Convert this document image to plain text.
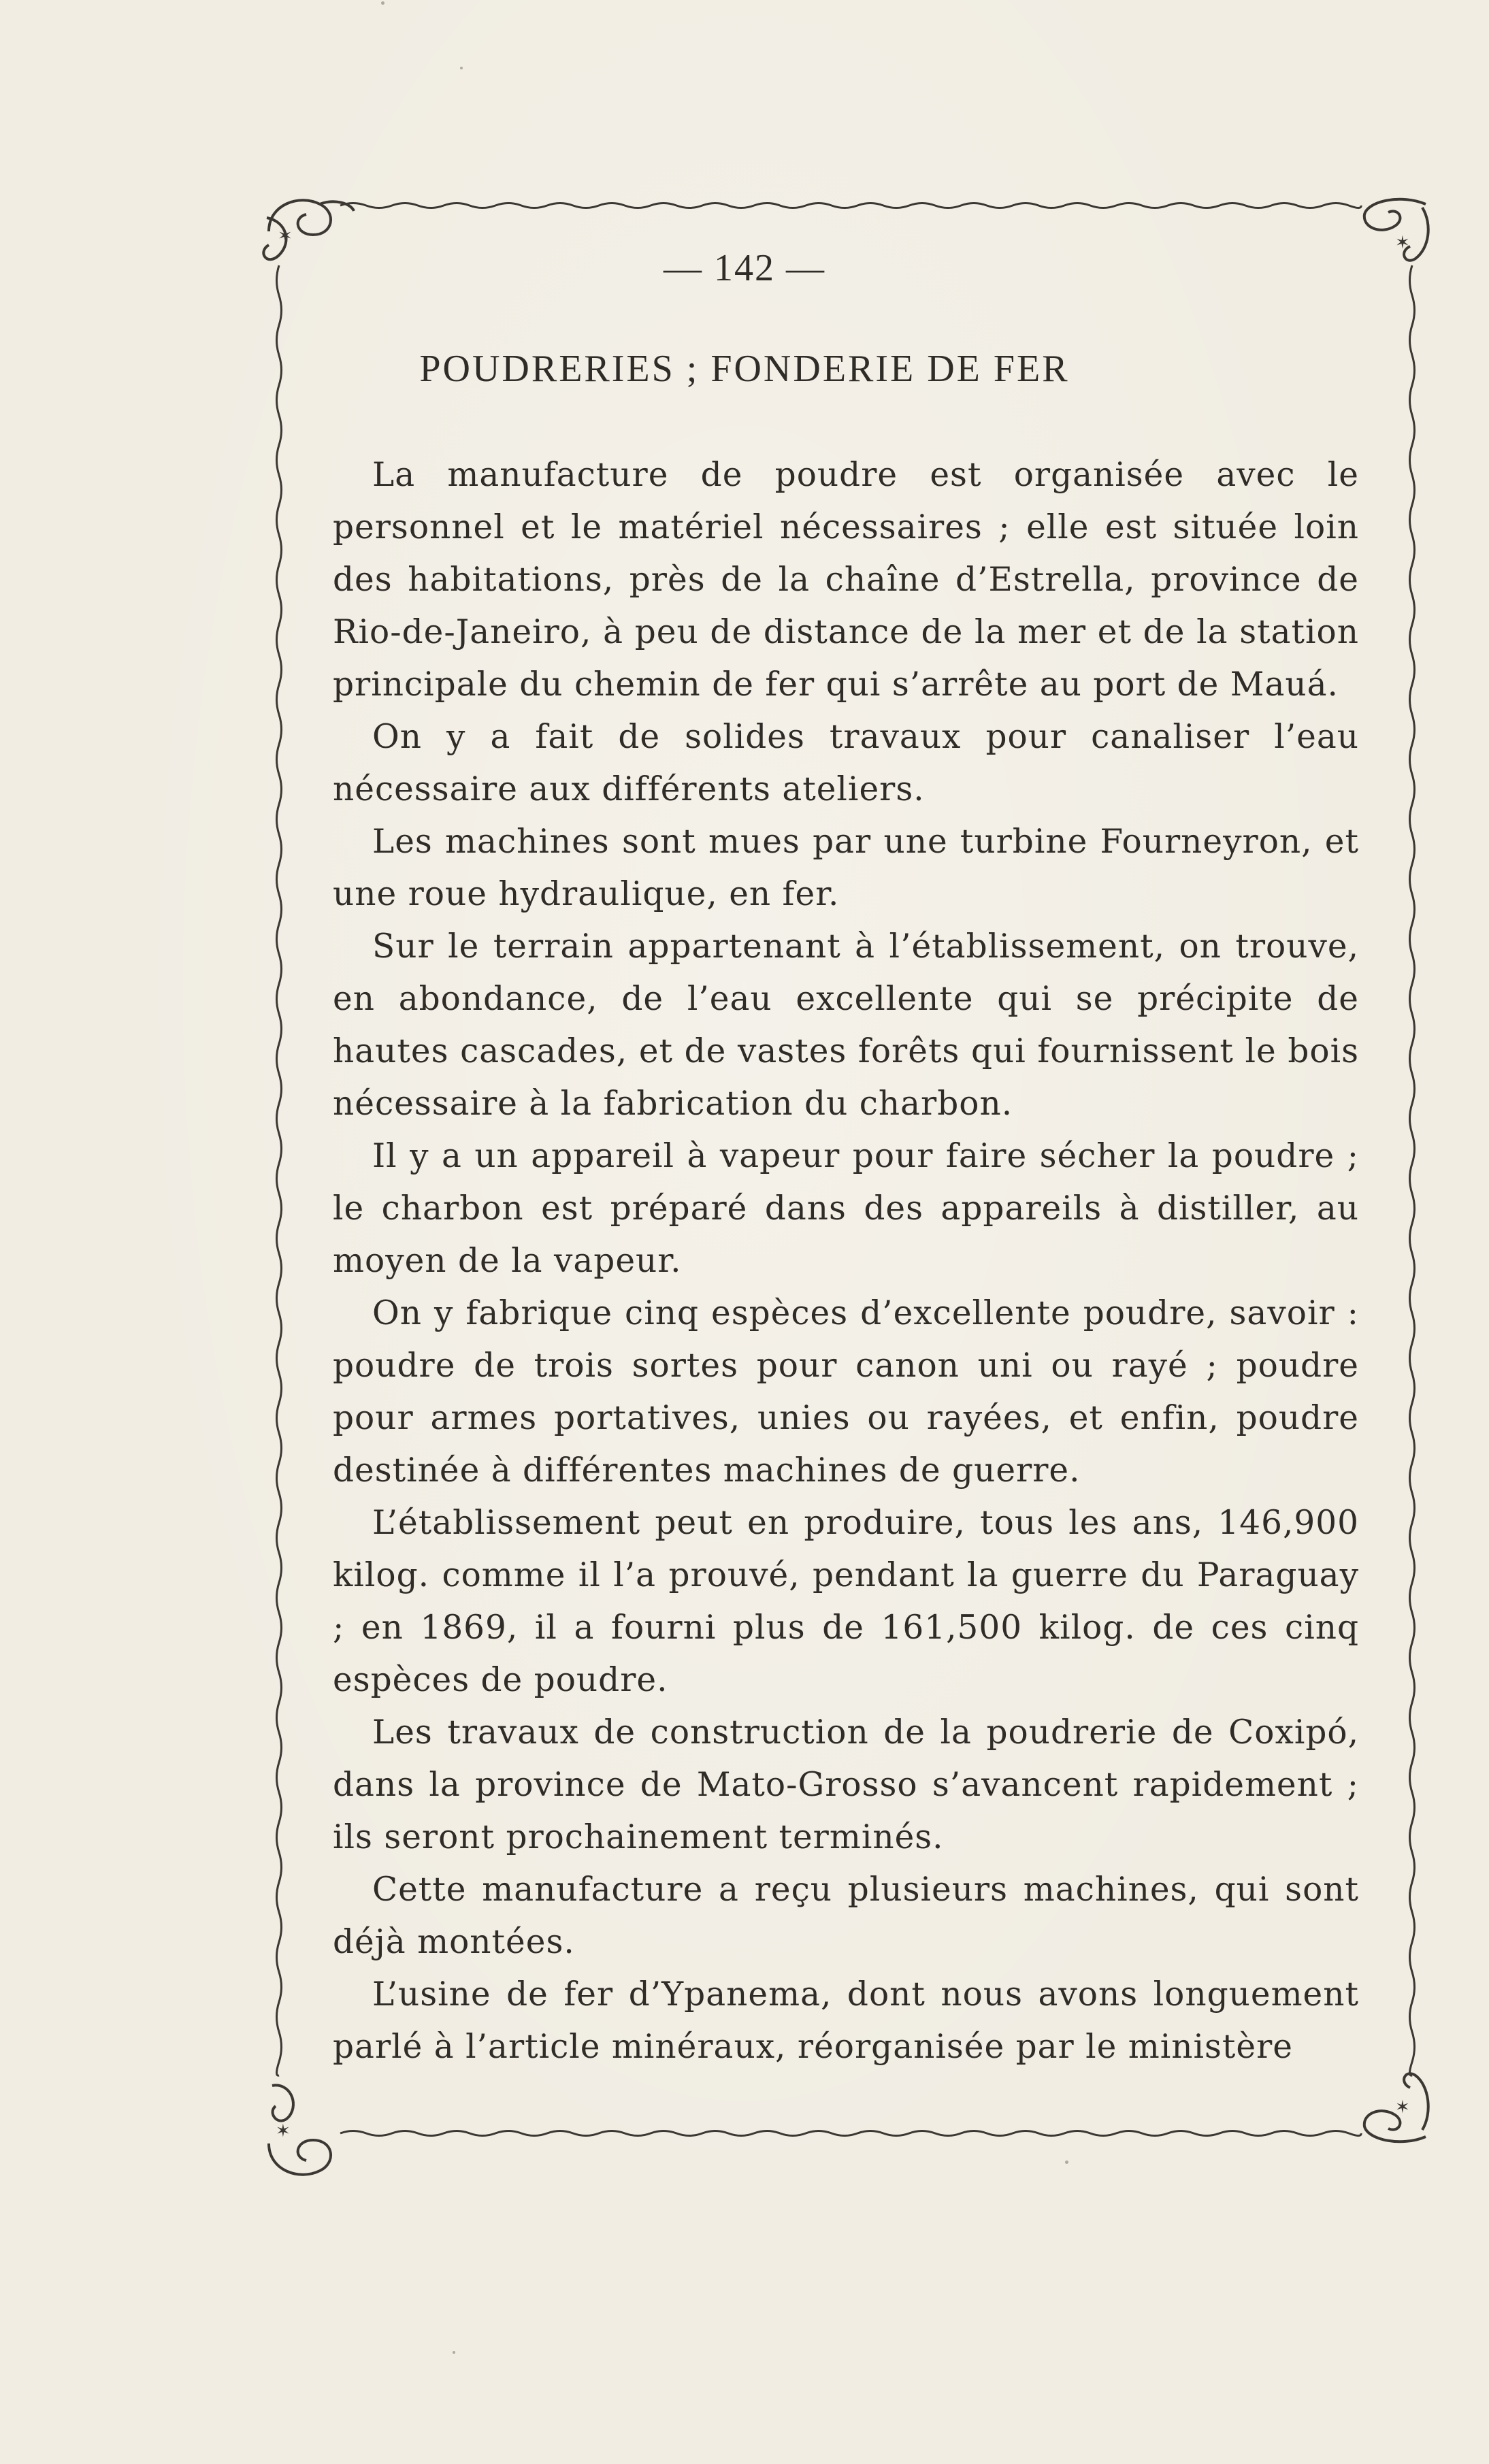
✶	✶
✶
✶
— 142 —
POUDRERIES ; FONDERIE DE FER

La manufacture de poudre est organisée avec le personnel et le matériel nécessaires ; elle est située loin des habitations, près de la chaîne d’Estrella, province de Rio-de-Janeiro, à peu de distance de la mer et de la station principale du chemin de fer qui s’arrête au port de Mauá.

On y a fait de solides travaux pour canaliser l’eau nécessaire aux différents ateliers.

Les machines sont mues par une turbine Fourneyron, et une roue hydraulique, en fer.

Sur le terrain appartenant à l’établissement, on trouve, en abondance, de l’eau excellente qui se précipite de hautes cascades, et de vastes forêts qui fournissent le bois nécessaire à la fabrication du charbon.

Il y a un appareil à vapeur pour faire sécher la poudre ; le charbon est préparé dans des appareils à distiller, au moyen de la vapeur.

On y fabrique cinq espèces d’excellente poudre, savoir : poudre de trois sortes pour canon uni ou rayé ; poudre pour armes portatives, unies ou rayées, et enfin, poudre destinée à différentes machines de guerre.

L’établissement peut en produire, tous les ans, 146,900 kilog. comme il l’a prouvé, pendant la guerre du Paraguay ; en 1869, il a fourni plus de 161,500 kilog. de ces cinq espèces de poudre.

Les travaux de construction de la poudrerie de Coxipó, dans la province de Mato-Grosso s’avancent rapidement ; ils seront prochainement terminés.

Cette manufacture a reçu plusieurs machines, qui sont déjà montées.

L’usine de fer d’Ypanema, dont nous avons longuement parlé à l’article minéraux, réorganisée par le ministère
